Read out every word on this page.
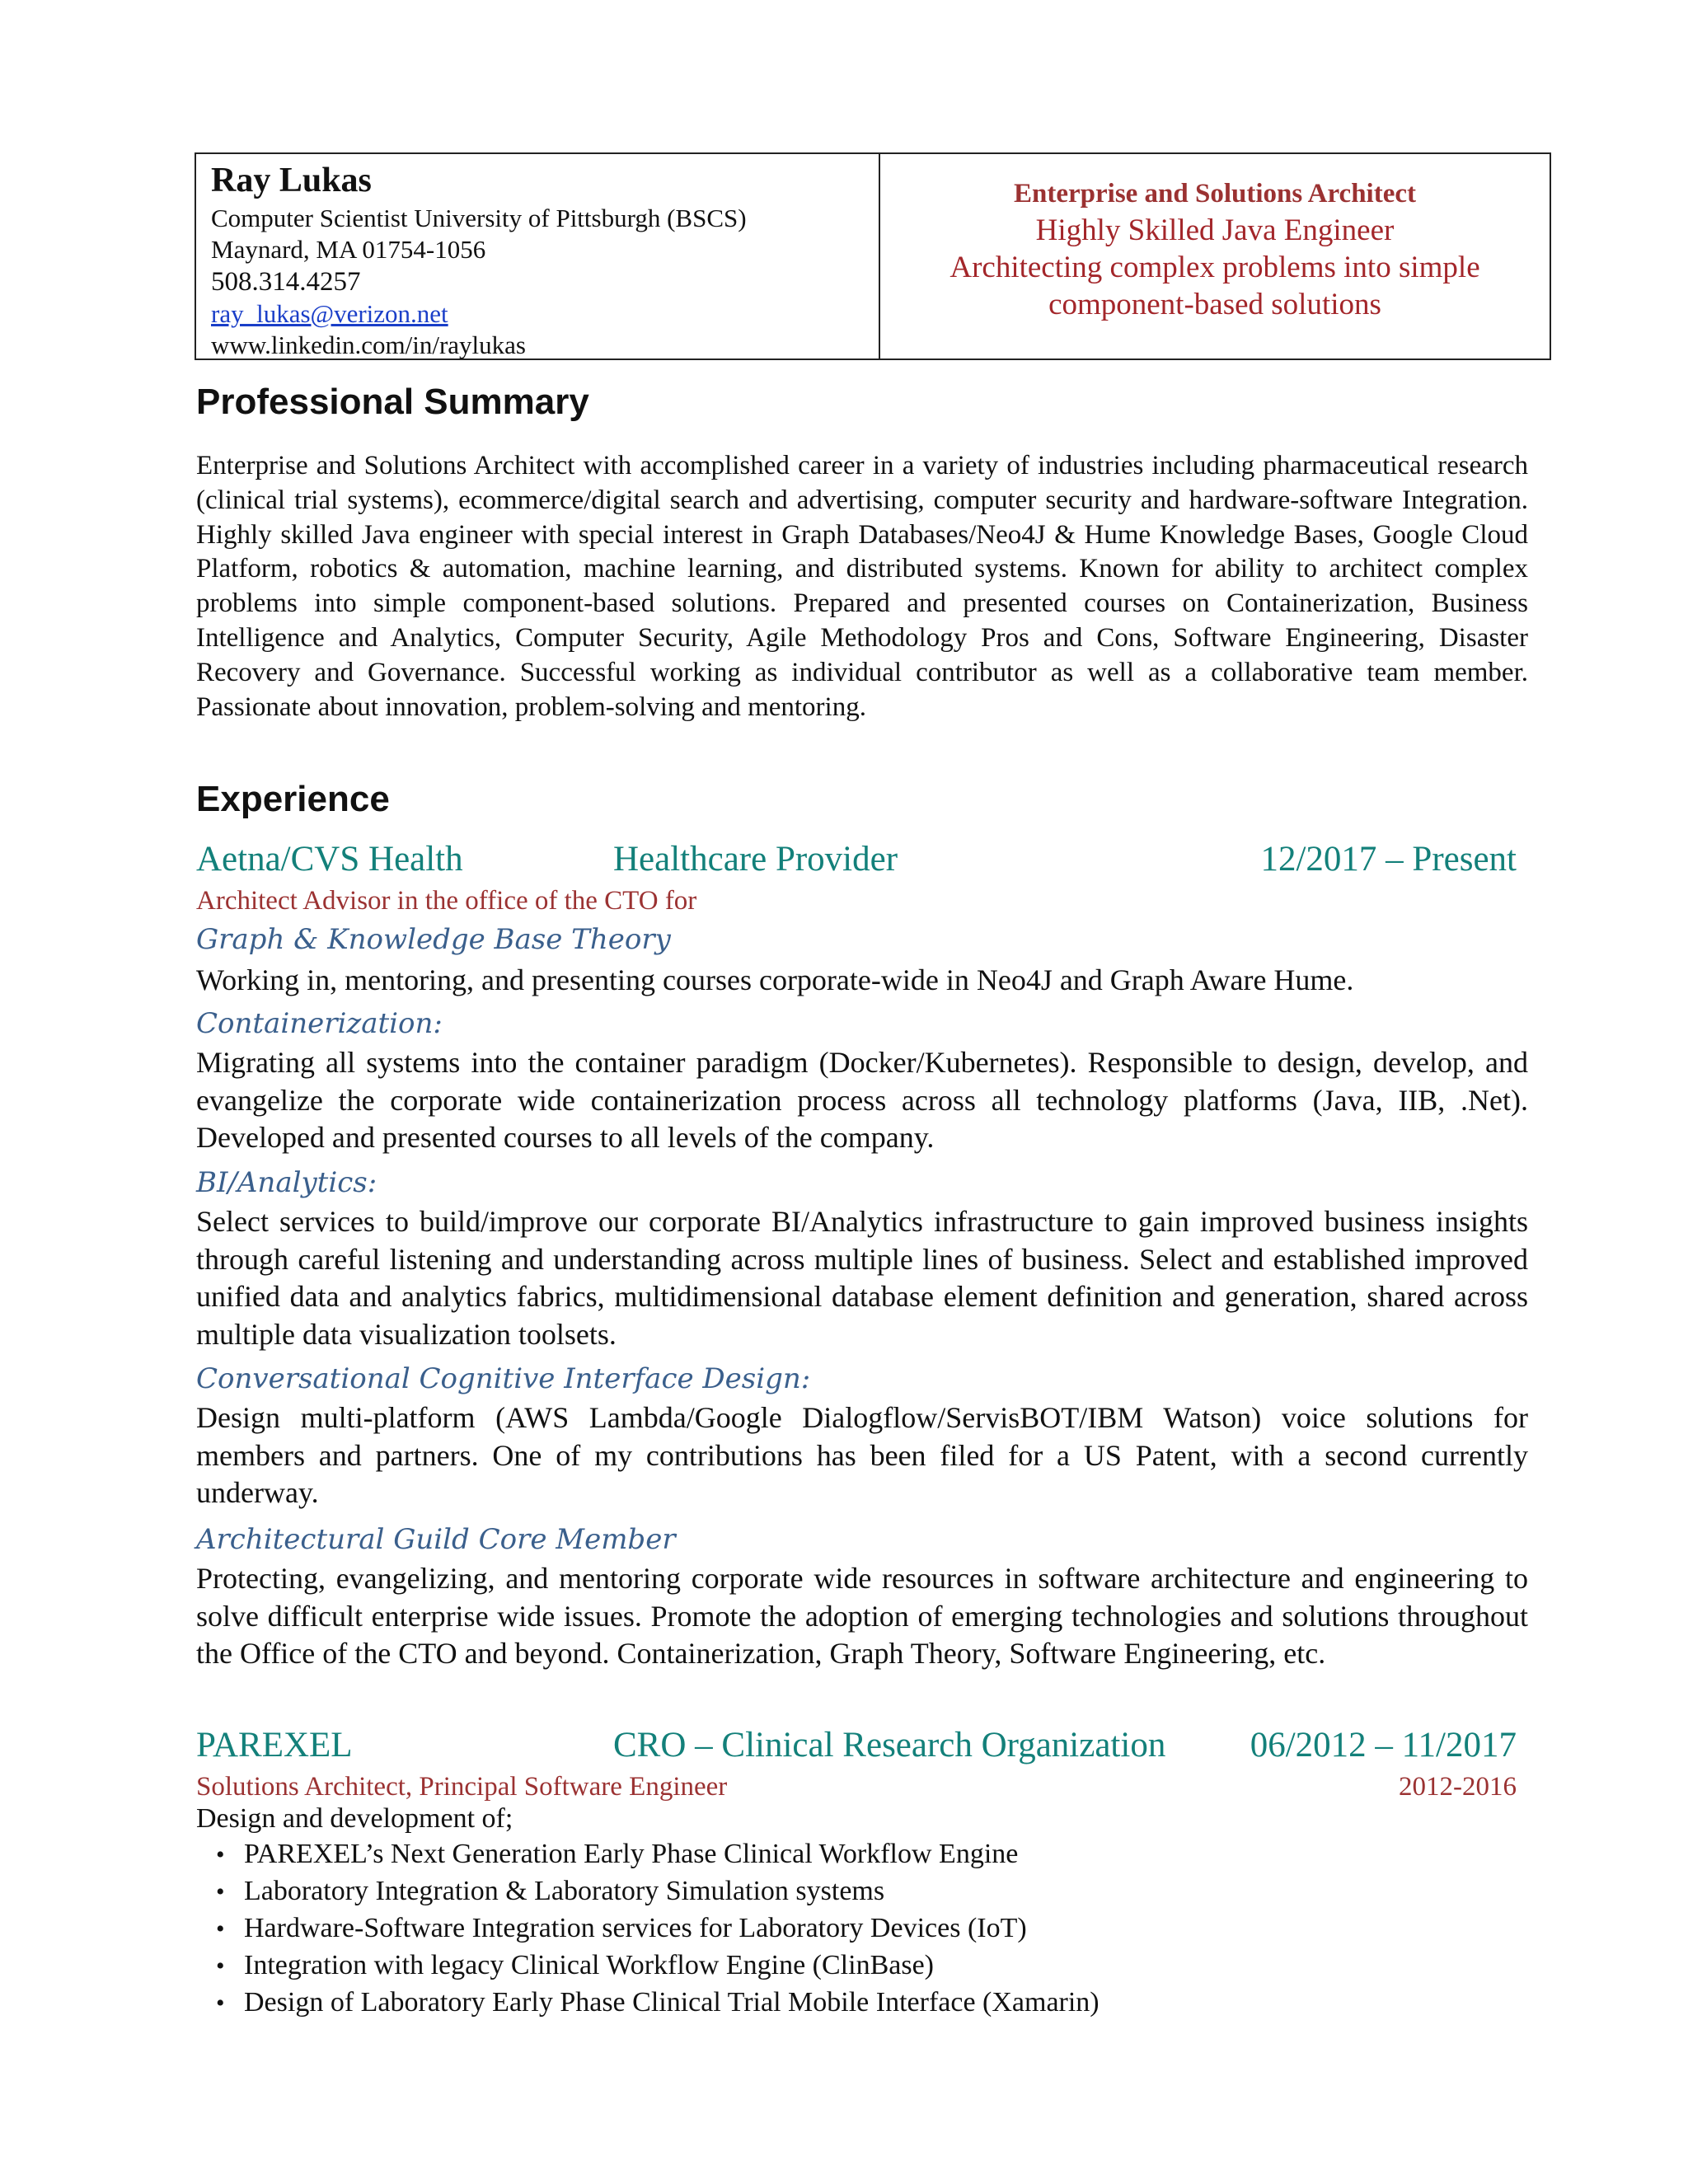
Ray Lukas
Computer Scientist University of Pittsburgh (BSCS)
Maynard, MA 01754-1056
508.314.4257
ray_lukas@verizon.net
www.linkedin.com/in/raylukas
Enterprise and Solutions Architect
Highly Skilled Java Engineer
Architecting complex problems into simple
component-based solutions
Professional Summary
Enterprise and Solutions Architect with accomplished career in a variety of industries including pharmaceutical research (clinical trial systems), ecommerce/digital search and advertising, computer security and hardware-software Integration. Highly skilled Java engineer with special interest in Graph Databases/Neo4J & Hume Knowledge Bases, Google Cloud Platform, robotics & automation, machine learning, and distributed systems. Known for ability to architect complex problems into simple component-based solutions. Prepared and presented courses on Containerization, Business Intelligence and Analytics, Computer Security, Agile Methodology Pros and Cons, Software Engineering, Disaster Recovery and Governance. Successful working as individual contributor as well as a collaborative team member. Passionate about innovation, problem-solving and mentoring.
Experience
Aetna/CVS Health	Healthcare Provider	12/2017 – Present
Architect Advisor in the office of the CTO for
Graph & Knowledge Base Theory
Working in, mentoring, and presenting courses corporate-wide in Neo4J and Graph Aware Hume.
Containerization:
Migrating all systems into the container paradigm (Docker/Kubernetes). Responsible to design, develop, and evangelize the corporate wide containerization process across all technology platforms (Java, IIB, .Net). Developed and presented courses to all levels of the company.
BI/Analytics:
Select services to build/improve our corporate BI/Analytics infrastructure to gain improved business insights through careful listening and understanding across multiple lines of business. Select and established improved unified data and analytics fabrics, multidimensional database element definition and generation, shared across multiple data visualization toolsets.
Conversational Cognitive Interface Design:
Design multi-platform (AWS Lambda/Google Dialogflow/ServisBOT/IBM Watson) voice solutions for members and partners. One of my contributions has been filed for a US Patent, with a second currently underway.
Architectural Guild Core Member
Protecting, evangelizing, and mentoring corporate wide resources in software architecture and engineering to solve difficult enterprise wide issues. Promote the adoption of emerging technologies and solutions throughout the Office of the CTO and beyond. Containerization, Graph Theory, Software Engineering, etc.
PAREXEL	CRO – Clinical Research Organization 06/2012 – 11/2017
Solutions Architect, Principal Software Engineer	2012-2016
Design and development of;
• PAREXEL’s Next Generation Early Phase Clinical Workflow Engine
• Laboratory Integration & Laboratory Simulation systems
• Hardware-Software Integration services for Laboratory Devices (IoT)
• Integration with legacy Clinical Workflow Engine (ClinBase)
• Design of Laboratory Early Phase Clinical Trial Mobile Interface (Xamarin)
